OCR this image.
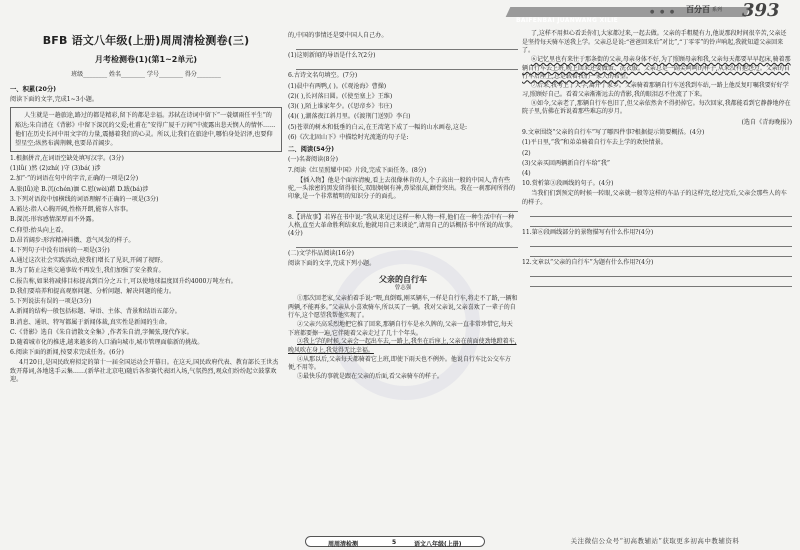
BAIFENBAI JUANWANG XILIE
● ● ● 百分百 系列 393
BFB 语文八年级(上册)周周清检测卷(三)
月考检测卷(1)(第1~2单元)
班级________ 姓名________ 学号________ 得分________
一、积累(20分)
阅读下面的文字,完成1~3小题。
人生就是一趟旅途,路过的都是精彩,留下的都是幸福。苏轼在诗词中留下“一蓑烟雨任平生”的豁达;朱自清在《背影》中留下深沉的父爱;杜甫在“安得广厦千万间”中流露出悲天悯人的情怀……他们在历史长河中用文字的力量,震撼着我们的心灵。所以,让我们在旅途中,哪怕身处沼泽,也要仰望星空;纵然布满荆棘,也要昂首阔步。
1.根据拼音,在词语空缺处填写汉字。(3分)
(1)lǜ( )然 (2)zhí( )守 (3)bá( )涉
2.加“·”的词语在句中的字音,正确的一项是(2分)
A.旅(lǚ)途 B.沉(chén)湎 C.慰(wèi)藉 D.跋(bá)涉
3.下列对语段中加横线的词语理解不正确的一项是(3分)
A.豁达:指人心胸开阔,性格开朗,能容人容事。
B.深沉:形容感情深厚而不外露。
C.仰望:抬头向上看。
D.昂首阔步:形容精神抖擞、意气风发的样子。
4.下列句子中没有语病的一项是(3分)
A.通过这次社会实践活动,使我们增长了见识,开阔了视野。
B.为了防止这类交通事故不再发生,我们加强了安全教育。
C.报告称,如果将减排目标提高到百分之五十,可以使地球温度回升约4000万吨左右。
D.我们要培养和提高观察问题、分析问题、解决问题的能力。
5.下列说法有误的一项是(3分)
A.新闻的结构一般包括标题、导语、主体、背景和结语五部分。
B.消息、通讯、特写都属于新闻体裁,真实性是新闻的生命。
C.《背影》选自《朱自清散文全集》,作者朱自清,字佩弦,现代作家。
D.随着城市化的推进,越来越多的人口涌向城市,城市管理面临新的挑战。
6.阅读下面的新闻,按要求完成任务。(6分)
4月20日,是国民政府拟定的第十一届全国运动会开幕日。在这天,国民政府代表、教育部长王世杰致开幕词,各地选手云集……(新华社北京电)随后各参赛代表团入场,气氛热烈,观众们纷纷起立鼓掌欢迎。
的,中国的事情还是要中国人自己办。
(1)这则新闻的导语是什么?(2分)
6.古诗文名句填空。(7分)
(1)晨中有两鸭,( )。(《观沧海》曹操)
(2)( ),长河落日圆。(《使至塞上》王维)
(3)( ),陌上谁家年少。(《思帝乡》韦庄)
(4)( ),潮落夜江斜月里。(《渡荆门送别》李白)
(5)苍翠的树木和低垂的白云,在王湾笔下成了一幅的山水画卷,这是:
(6)《次北固山下》中描绘时光流逝的句子是:
二、阅读(54分)
(一)名著阅读(8分)
7.阅读《红星照耀中国》片段,完成下面任务。(8分)
【插入物】他是个面容清瘦,看上去很像林肯的人,个子高出一般的中国人,背有些驼,一头浓密的黑发留得很长,双眼炯炯有神,鼻梁很高,颧骨突出。我在一刹那间所得的印象,是一个非常精明的知识分子的面孔。
8.【讲故事】若界在书中说:“我从来见过这样一种人物一样,他们在一种生活中有一种人格,直至大革命胜利结束后,他就用自己来谈论”,请用自己的话概括书中所说的故事。(4分)
(二)文学作品阅读(16分)
阅读下面的文字,完成下列小题。
父亲的自行车
曾志强
①那次回老家,父亲拍着手说:“喂,真倒霉,刚买辆车,一样是自行车,将走不了路,一辆和两辆,不能再多。”父亲从小喜欢骑车,所以买了一辆。我对父亲说,父亲喜欢了一辈子的自行车,这个愿望我帮他实现了。
②父亲兴高采烈地把它推了回来,那辆自行车是永久牌的,父亲一直非常珍惜它,每天下班都要擦一遍,它伴随着父亲走过了几十个年头。
③我上学的时候,父亲会一起出车去,一路上,我坐在后座上,父亲在前面使劲地蹬着车,晚风吹在身上,我觉得无比幸福。
④从那以后,父亲每天都骑着它上班,即使下雨天也不例外。他说自行车比公交车方便,不用等。
⑤最快乐的事就是跟在父亲的后面,看父亲骑车的样子。
了,这样不用担心看丢你们,大家都过来,一起去做。父亲的手粗糙有力,他说那段时间很辛苦,父亲还是坚持每天骑车送我上学。父亲总是说:“爸爸回来后”对比”,“丁零零”的铃声响起,我就知道父亲回来了。
⑥记忆里也有来往于那条街的父亲,母亲身体不好,为了照顾母亲和我,父亲每天都要早早起床,骑着那辆自行车去上班,晚上回来还要做饭、洗衣服。父亲总是一副笑呵呵的样子,从来没有抱怨过。父亲的自行车后座上,总是载着我们一家人的希望。
⑦后来,我考上了大学,离开了家乡。父亲骑着那辆自行车送我到车站,一路上他反复叮嘱我要好好学习,照顾好自己。看着父亲渐渐远去的背影,我的眼泪忍不住流了下来。
⑧如今,父亲老了,那辆自行车也旧了,但父亲依然舍不得扔掉它。每次回家,我都能看到它静静地停在院子里,仿佛在诉说着那些难忘的岁月。
(选自《青海晚报》)
9.文章围绕“父亲的自行车”写了哪四件事?根据提示简要概括。(4分)
(1)平日里,“我”和弟弟骑着自行车去上学的欢快情景。
(2)
(3)父亲买回两辆新自行车给“我”
(4)
10.赏析第③段画线的句子。(4分)
当我们们到预定的时候一转眼,父亲就一般等这样的车品子的这样完,经过完后,父亲会那些人的车的样子。
11.第⑥段画线部分的景物描写有什么作用?(4分)
12.文章以“父亲的自行车”为题有什么作用?(4分)
周周清检测	5	语文八年级(上册)	关注微信公众号“初高教辅站”获取更多初高中教辅资料
